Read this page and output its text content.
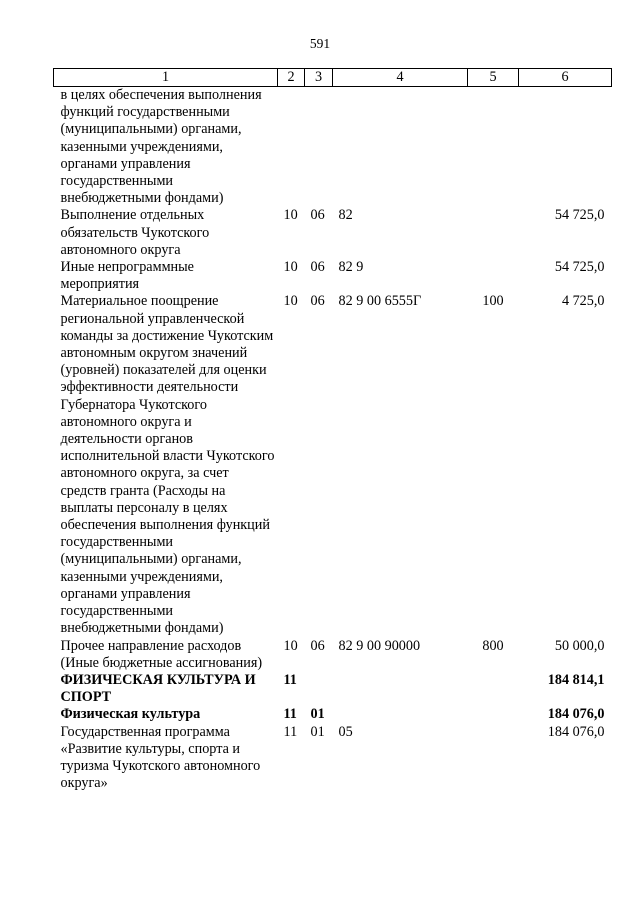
591
1	2	3	4	5	6
в целях обеспечения выполнения функций государственными (муниципальными) органами, казенными учреждениями, органами управления государственными внебюджетными фондами)					
Выполнение отдельных обязательств Чукотского автономного округа	10	06	82		54 725,0
Иные непрограммные мероприятия	10	06	82 9		54 725,0
Материальное поощрение региональной управленческой команды за достижение Чукотским автономным округом значений (уровней) показателей для оценки эффективности деятельности Губернатора Чукотского автономного округа и деятельности органов исполнительной власти Чукотского автономного округа, за счет средств гранта (Расходы на выплаты персоналу в целях обеспечения выполнения функций государственными (муниципальными) органами, казенными учреждениями, органами управления государственными внебюджетными фондами)	10	06	82 9 00 6555Г	100	4 725,0
Прочее направление расходов (Иные бюджетные ассигнования)	10	06	82 9 00 90000	800	50 000,0
ФИЗИЧЕСКАЯ КУЛЬТУРА И СПОРТ	11				184 814,1
Физическая культура	11	01			184 076,0
Государственная программа «Развитие культуры, спорта и туризма Чукотского автономного округа»	11	01	05		184 076,0
